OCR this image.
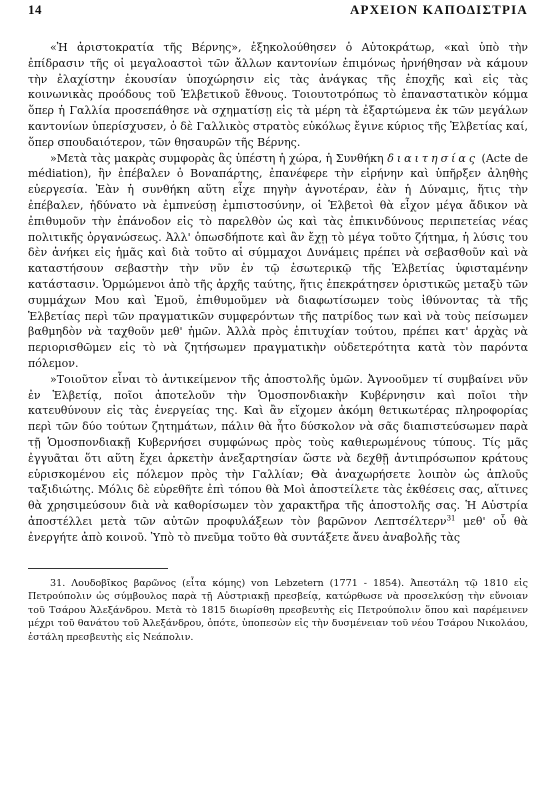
14	ΑΡΧΕΙΟΝ ΚΑΠΟΔΙΣΤΡΙΑ

«Ἡ ἀριστοκρατία τῆς Βέρνης», ἐξηκολούθησεν ὁ Αὐτοκράτωρ, «καὶ ὑπὸ τὴν ἐπίδρασιν τῆς οἱ μεγαλοαστοὶ τῶν ἄλλων καντονίων ἐπιμόνως ἠρνήθησαν νὰ κάμουν τὴν ἐλαχίστην ἐκουσίαν ὑποχώρησιν εἰς τὰς ἀνάγκας τῆς ἐποχῆς καὶ εἰς τὰς κοινωνικὰς προόδους τοῦ Ἑλβετικοῦ ἔθνους. Τοιουτοτρόπως τὸ ἐπαναστατικὸν κόμμα ὅπερ ἡ Γαλλία προσεπάθησε νὰ σχηματίσῃ εἰς τὰ μέρη τὰ ἐξαρτώμενα ἐκ τῶν μεγάλων καντονίων ὑπερίσχυσεν, ὁ δὲ Γαλλικὸς στρατὸς εὐκόλως ἔγινε κύριος τῆς Ἑλβετίας καί, ὅπερ σπουδαιότερον, τῶν θησαυρῶν τῆς Βέρνης.

»Μετὰ τὰς μακρὰς συμφορὰς ἃς ὑπέστη ἡ χώρα, ἡ Συνθήκη διαιτησίας (Acte de médiation), ἣν ἐπέβαλεν ὁ Βοναπάρτης, ἐπανέφερε τὴν εἰρήνην καὶ ὑπῆρξεν ἀληθὴς εὐεργεσία. Ἐὰν ἡ συνθήκη αὕτη εἶχε πηγὴν ἀγνοτέραν, ἐὰν ἡ Δύναμις, ἥτις τὴν ἐπέβαλεν, ἠδύνατο νὰ ἐμπνεύσῃ ἐμπιστοσύνην, οἱ Ἑλβετοὶ θὰ εἶχον μέγα ἄδικον νὰ ἐπιθυμοῦν τὴν ἐπάνοδον εἰς τὸ παρελθὸν ὡς καὶ τὰς ἐπικινδύνους περιπετείας νέας πολιτικῆς ὀργανώσεως. Ἀλλ' ὁπωσδήποτε καὶ ἂν ἔχῃ τὸ μέγα τοῦτο ζήτημα, ἡ λύσις του δὲν ἀνήκει εἰς ἡμᾶς καὶ διὰ τοῦτο αἱ σύμμαχοι Δυνάμεις πρέπει νὰ σεβασθοῦν καὶ νὰ καταστήσουν σεβαστὴν τὴν νῦν ἐν τῷ ἐσωτερικῷ τῆς Ἑλβετίας ὑφισταμένην κατάστασιν. Ὁρμώμενοι ἀπὸ τῆς ἀρχῆς ταύτης, ἥτις ἐπεκράτησεν ὁριστικῶς μεταξὺ τῶν συμμάχων Μου καὶ Ἐμοῦ, ἐπιθυμοῦμεν νὰ διαφωτίσωμεν τοὺς ἰθύνοντας τὰ τῆς Ἑλβετίας περὶ τῶν πραγματικῶν συμφερόντων τῆς πατρίδος των καὶ νὰ τοὺς πείσωμεν βαθμηδὸν νὰ ταχθοῦν μεθ' ἡμῶν. Ἀλλὰ πρὸς ἐπιτυχίαν τούτου, πρέπει κατ' ἀρχὰς νὰ περιορισθῶμεν εἰς τὸ νὰ ζητήσωμεν πραγματικὴν οὐδετερότητα κατὰ τὸν παρόντα πόλεμον.

»Τοιοῦτον εἶναι τὸ ἀντικείμενον τῆς ἀποστολῆς ὑμῶν. Ἀγνοοῦμεν τί συμβαίνει νῦν ἐν Ἑλβετίᾳ, ποῖοι ἀποτελοῦν τὴν Ὁμοσπονδιακὴν Κυβέρνησιν καὶ ποῖοι τὴν κατευθύνουν εἰς τὰς ἐνεργείας της. Καὶ ἂν εἴχομεν ἀκόμη θετικωτέρας πληροφορίας περὶ τῶν δύο τούτων ζητημάτων, πάλιν θὰ ἦτο δύσκολον νὰ σᾶς διαπιστεύσωμεν παρὰ τῇ Ὁμοσπονδιακῇ Κυβερνήσει συμφώνως πρὸς τοὺς καθιερωμένους τύπους. Τίς μᾶς ἐγγυᾶται ὅτι αὕτη ἔχει ἀρκετὴν ἀνεξαρτησίαν ὥστε νὰ δεχθῇ ἀντιπρόσωπον κράτους εὑρισκομένου εἰς πόλεμον πρὸς τὴν Γαλλίαν; Θὰ ἀναχωρήσετε λοιπὸν ὡς ἁπλοῦς ταξιδιώτης. Μόλις δὲ εὑρεθῆτε ἐπὶ τόπου θὰ Μοὶ ἀποστείλετε τὰς ἐκθέσεις σας, αἵτινες θὰ χρησιμεύσουν διὰ νὰ καθορίσωμεν τὸν χαρακτῆρα τῆς ἀποστολῆς σας. Ἡ Αὐστρία ἀποστέλλει μετὰ τῶν αὐτῶν προφυλάξεων τὸν βαρῶνον Λεπτσέλτερν$^{31}$ μεθ' οὗ θὰ ἐνεργήτε ἀπὸ κοινοῦ. Ὑπὸ τὸ πνεῦμα τοῦτο θὰ συντάξετε ἄνευ ἀναβολῆς τὰς

31. Λουδοβῖκος βαρῶνος (εἶτα κόμης) von Lebzetern (1771 - 1854). Ἀπεστάλη τῷ 1810 εἰς Πετρούπολιν ὡς σύμβουλος παρὰ τῇ Αὐστριακῇ πρεσβείᾳ, κατώρθωσε νὰ προσελκύσῃ τὴν εὔνοιαν τοῦ Τσάρου Ἀλεξάνδρου. Μετὰ τὸ 1815 διωρίσθη πρεσβευτὴς εἰς Πετρούπολιν ὅπου καὶ παρέμεινεν μέχρι τοῦ θανάτου τοῦ Ἀλεξάνδρου, ὁπότε, ὑποπεσὼν εἰς τὴν δυσμένειαν τοῦ νέου Τσάρου Νικολάου, ἐστάλη πρεσβευτὴς εἰς Νεάπολιν.
